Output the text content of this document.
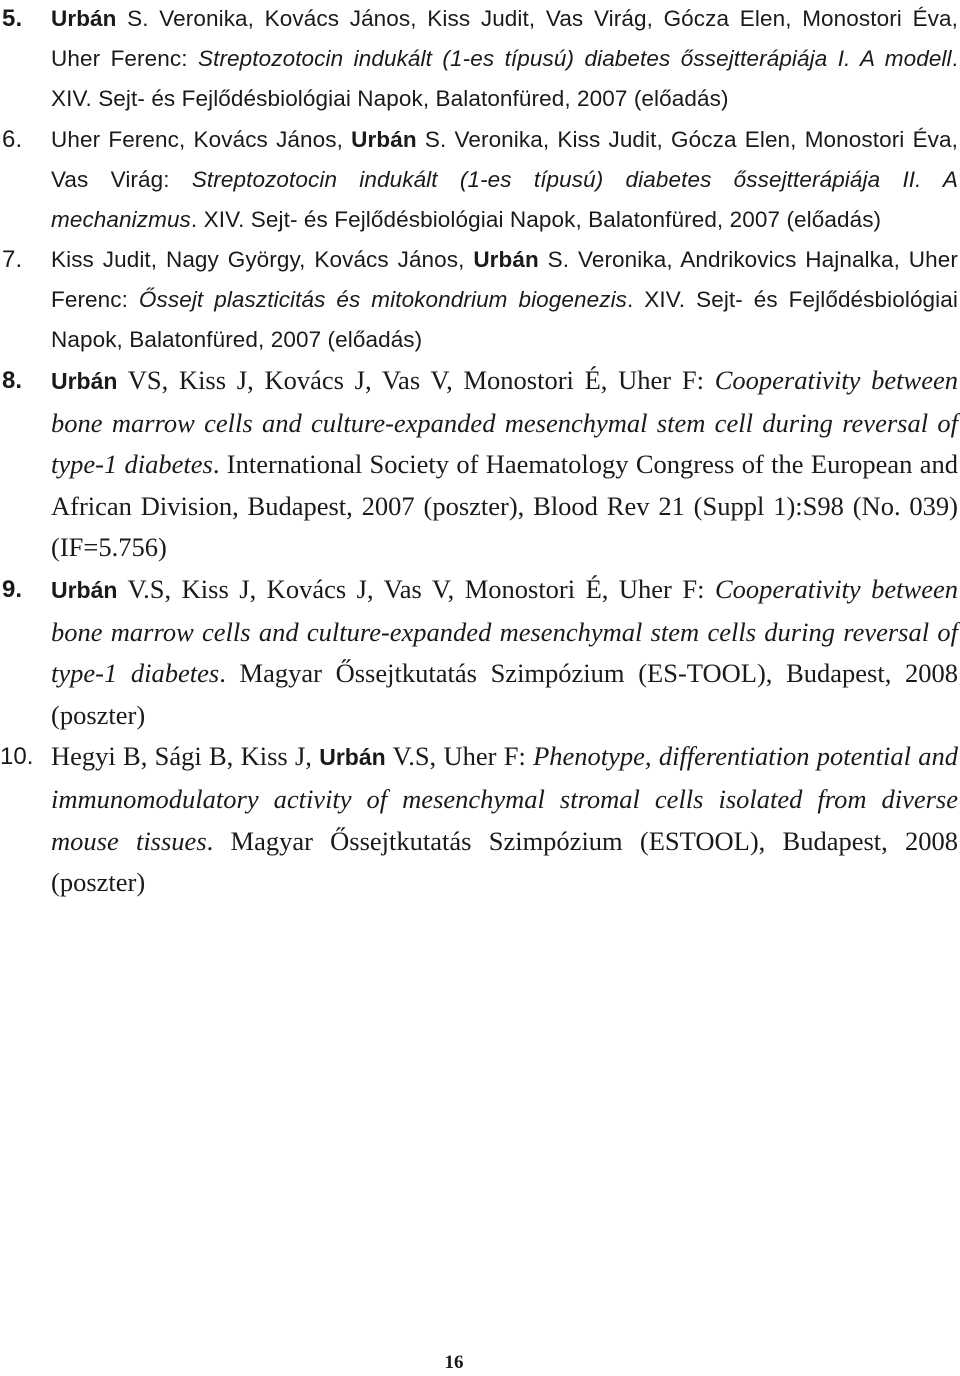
5. Urbán S. Veronika, Kovács János, Kiss Judit, Vas Virág, Gócza Elen, Monostori Éva, Uher Ferenc: Streptozotocin indukált (1-es típusú) diabetes őssejtterápiája I. A modell. XIV. Sejt- és Fejlődésbiológiai Napok, Balatonfüred, 2007 (előadás)
6. Uher Ferenc, Kovács János, Urbán S. Veronika, Kiss Judit, Gócza Elen, Monostori Éva, Vas Virág: Streptozotocin indukált (1-es típusú) diabetes őssejtterápiája II. A mechanizmus. XIV. Sejt- és Fejlődésbiológiai Napok, Balatonfüred, 2007 (előadás)
7. Kiss Judit, Nagy György, Kovács János, Urbán S. Veronika, Andrikovics Hajnalka, Uher Ferenc: Őssejt plaszticitás és mitokondrium biogenezis. XIV. Sejt- és Fejlődésbiológiai Napok, Balatonfüred, 2007 (előadás)
8. Urbán VS, Kiss J, Kovács J, Vas V, Monostori É, Uher F: Cooperativity between bone marrow cells and culture-expanded mesenchymal stem cell during reversal of type-1 diabetes. International Society of Haematology Congress of the European and African Division, Budapest, 2007 (poszter), Blood Rev 21 (Suppl 1):S98 (No. 039) (IF=5.756)
9. Urbán V.S, Kiss J, Kovács J, Vas V, Monostori É, Uher F: Cooperativity between bone marrow cells and culture-expanded mesenchymal stem cells during reversal of type-1 diabetes. Magyar Őssejtkutatás Szimpózium (ES-TOOL), Budapest, 2008 (poszter)
10. Hegyi B, Sági B, Kiss J, Urbán V.S, Uher F: Phenotype, differentiation potential and immunomodulatory activity of mesenchymal stromal cells isolated from diverse mouse tissues. Magyar Őssejtkutatás Szimpózium (ESTOOL), Budapest, 2008 (poszter)
16
